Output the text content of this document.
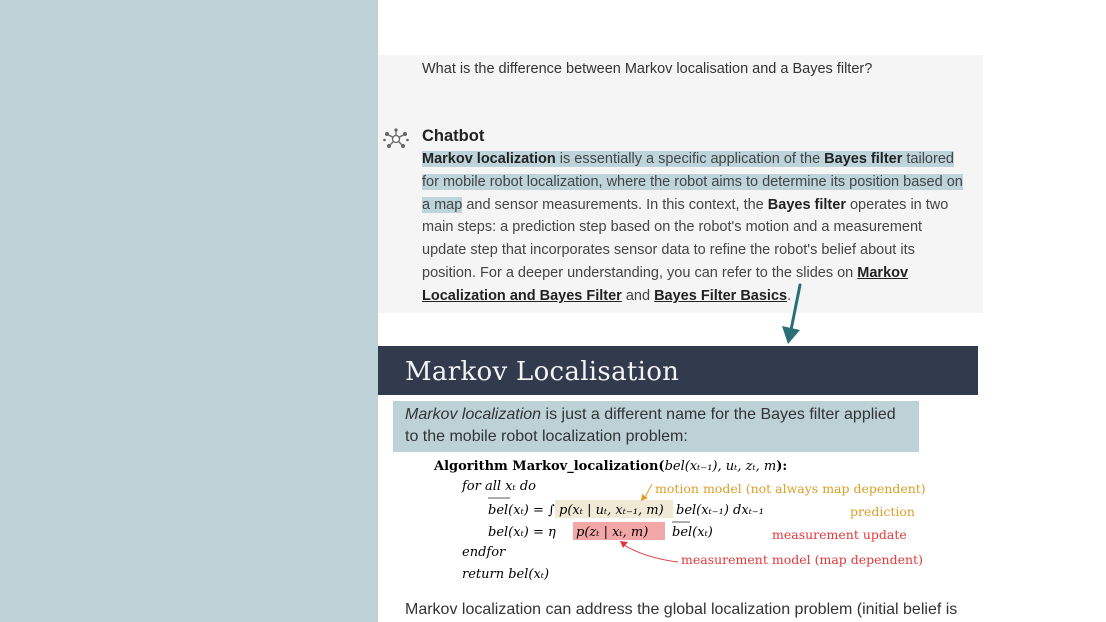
What is the difference between Markov localisation and a Bayes filter?
Chatbot
Markov localization is essentially a specific application of the Bayes filter tailored for mobile robot localization, where the robot aims to determine its position based on a map and sensor measurements. In this context, the Bayes filter operates in two main steps: a prediction step based on the robot's motion and a measurement update step that incorporates sensor data to refine the robot's belief about its position. For a deeper understanding, you can refer to the slides on Markov Localization and Bayes Filter and Bayes Filter Basics.
Markov Localisation
Markov localization is just a different name for the Bayes filter applied to the mobile robot localization problem:
Algorithm Markov_localization(bel(xₜ₋₁), uₜ, zₜ, m):
for all xₜ do
bel(xₜ) = ∫ p(xₜ | uₜ, xₜ₋₁, m) bel(xₜ₋₁) dxₜ₋₁
bel(xₜ) = η p(zₜ | xₜ, m) bel(xₜ)
endfor
return bel(xₜ)
motion model (not always map dependent)
prediction
measurement update
measurement model (map dependent)
Markov localization can address the global localization problem (initial belief is
